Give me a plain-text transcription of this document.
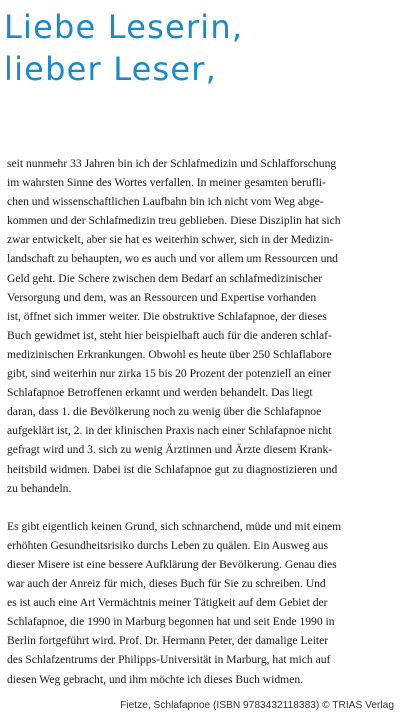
Liebe Leserin,
lieber Leser,

seit nunmehr 33 Jahren bin ich der Schlafmedizin und Schlafforschung
im wahrsten Sinne des Wortes verfallen. In meiner gesamten berufli-
chen und wissenschaftlichen Laufbahn bin ich nicht vom Weg abge-
kommen und der Schlafmedizin treu geblieben. Diese Disziplin hat sich
zwar entwickelt, aber sie hat es weiterhin schwer, sich in der Medizin-
landschaft zu behaupten, wo es auch und vor allem um Ressourcen und
Geld geht. Die Schere zwischen dem Bedarf an schlafmedizinischer
Versorgung und dem, was an Ressourcen und Expertise vorhanden
ist, öffnet sich immer weiter. Die obstruktive Schlafapnoe, der dieses
Buch gewidmet ist, steht hier beispielhaft auch für die anderen schlaf-
medizinischen Erkrankungen. Obwohl es heute über 250 Schlaflabore
gibt, sind weiterhin nur zirka 15 bis 20 Prozent der potenziell an einer
Schlafapnoe Betroffenen erkannt und werden behandelt. Das liegt
daran, dass 1. die Bevölkerung noch zu wenig über die Schlafapnoe
aufgeklärt ist, 2. in der klinischen Praxis nach einer Schlafapnoe nicht
gefragt wird und 3. sich zu wenig Ärztinnen und Ärzte diesem Krank-
heitsbild widmen. Dabei ist die Schlafapnoe gut zu diagnostizieren und
zu behandeln.

Es gibt eigentlich keinen Grund, sich schnarchend, müde und mit einem
erhöhten Gesundheitsrisiko durchs Leben zu quälen. Ein Ausweg aus
dieser Misere ist eine bessere Aufklärung der Bevölkerung. Genau dies
war auch der Anreiz für mich, dieses Buch für Sie zu schreiben. Und
es ist auch eine Art Vermächtnis meiner Tätigkeit auf dem Gebiet der
Schlafapnoe, die 1990 in Marburg begonnen hat und seit Ende 1990 in
Berlin fortgeführt wird. Prof. Dr. Hermann Peter, der damalige Leiter
des Schlafzentrums der Philipps-Universität in Marburg, hat mich auf
diesen Weg gebracht, und ihm möchte ich dieses Buch widmen.

Fietze, Schlafapnoe (ISBN 9783432118383) © TRIAS Verlag
